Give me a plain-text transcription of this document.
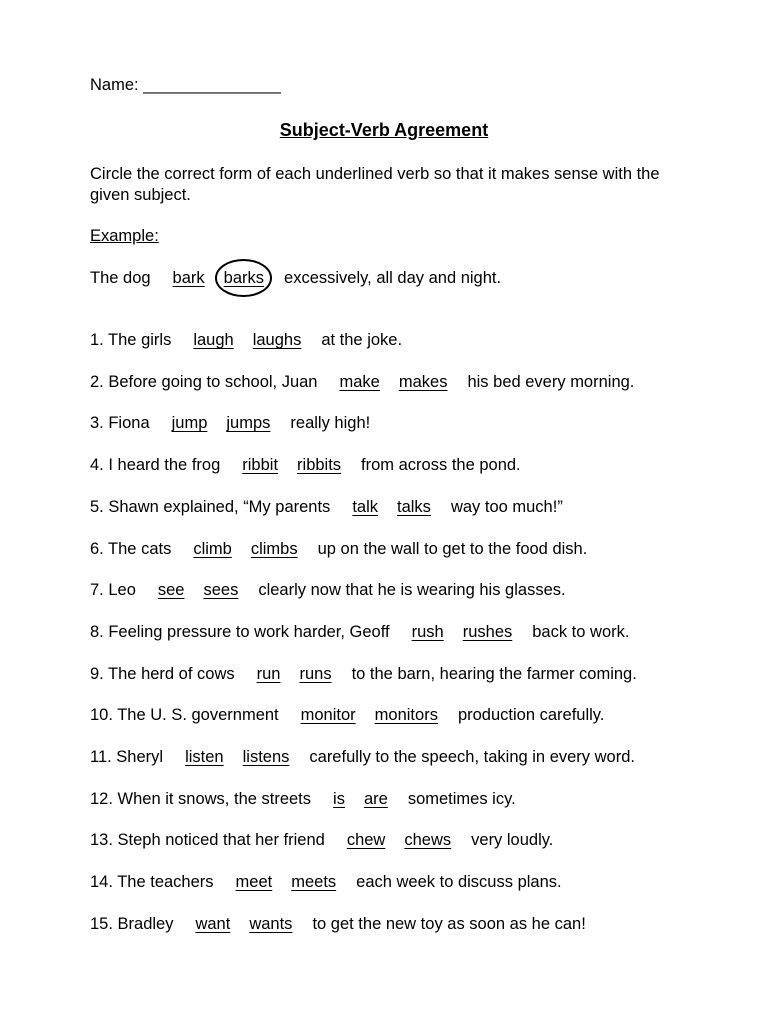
Name: _______________
Subject-Verb Agreement
Circle the correct form of each underlined verb so that it makes sense with the given subject.
Example:
The dog bark barks excessively, all day and night.
1. The girls laugh laughs at the joke.
2. Before going to school, Juan make makes his bed every morning.
3. Fiona jump jumps really high!
4. I heard the frog ribbit ribbits from across the pond.
5. Shawn explained, “My parents talk talks way too much!”
6. The cats climb climbs up on the wall to get to the food dish.
7. Leo see sees clearly now that he is wearing his glasses.
8. Feeling pressure to work harder, Geoff rush rushes back to work.
9. The herd of cows run runs to the barn, hearing the farmer coming.
10. The U. S. government monitor monitors production carefully.
11. Sheryl listen listens carefully to the speech, taking in every word.
12. When it snows, the streets is are sometimes icy.
13. Steph noticed that her friend chew chews very loudly.
14. The teachers meet meets each week to discuss plans.
15. Bradley want wants to get the new toy as soon as he can!
